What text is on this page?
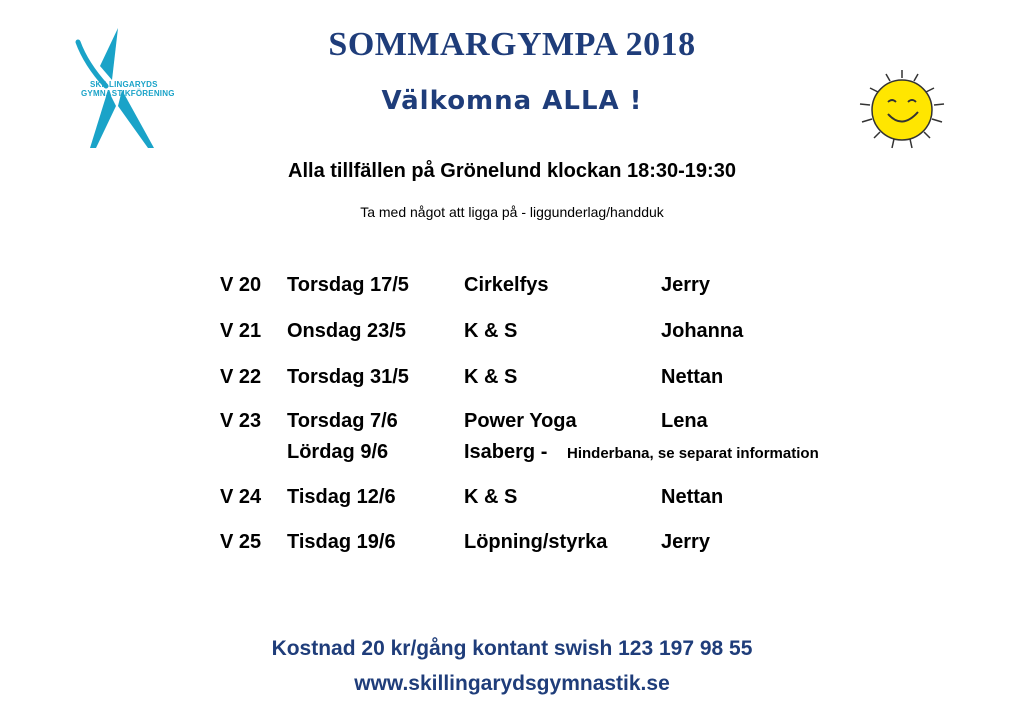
SKILLINGARYDS
GYMNASTIKFÖRENING
SOMMARGYMPA 2018
Välkomna ALLA !
Alla tillfällen på Grönelund klockan 18:30-19:30
Ta med något att ligga på - liggunderlag/handduk
V 20 Torsdag 17/5	Cirkelfys	Jerry
V 21 Onsdag 23/5	K & S	Johanna
V 22 Torsdag 31/5	K & S	Nettan
V 23 Torsdag 7/6	Power Yoga	Lena
Lördag 9/6	Isaberg - Hinderbana, se separat information
V 24 Tisdag 12/6	K & S	Nettan
V 25 Tisdag 19/6	Löpning/styrka	Jerry
Kostnad 20 kr/gång kontant swish 123 197 98 55
www.skillingarydsgymnastik.se
